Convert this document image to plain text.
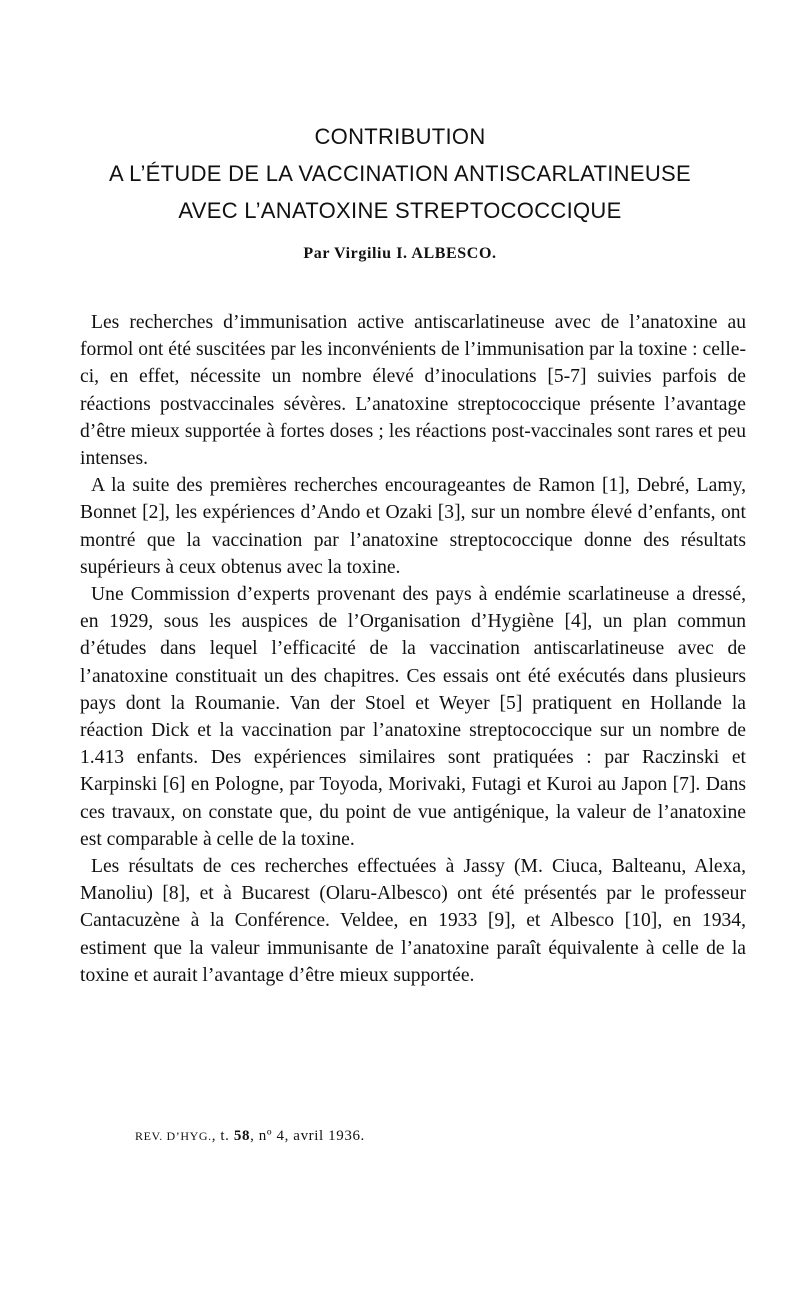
CONTRIBUTION
A L’ÉTUDE DE LA VACCINATION ANTISCARLATINEUSE
AVEC L’ANATOXINE STREPTOCOCCIQUE
Par Virgiliu I. ALBESCO.

Les recherches d’immunisation active antiscarlatineuse avec de l’anatoxine au formol ont été suscitées par les inconvénients de l’immunisation par la toxine : celle-ci, en effet, nécessite un nombre élevé d’inoculations [5-7] suivies parfois de réactions postvaccinales sévères. L’anatoxine streptococcique présente l’avantage d’être mieux supportée à fortes doses ; les réactions post-vaccinales sont rares et peu intenses.

A la suite des premières recherches encourageantes de Ramon [1], Debré, Lamy, Bonnet [2], les expériences d’Ando et Ozaki [3], sur un nombre élevé d’enfants, ont montré que la vaccination par l’anatoxine streptococcique donne des résultats supérieurs à ceux obtenus avec la toxine.

Une Commission d’experts provenant des pays à endémie scarlatineuse a dressé, en 1929, sous les auspices de l’Organisation d’Hygiène [4], un plan commun d’études dans lequel l’efficacité de la vaccination antiscarlatineuse avec de l’anatoxine constituait un des chapitres. Ces essais ont été exécutés dans plusieurs pays dont la Roumanie. Van der Stoel et Weyer [5] pratiquent en Hollande la réaction Dick et la vaccination par l’anatoxine streptococcique sur un nombre de 1.413 enfants. Des expériences similaires sont pratiquées : par Raczinski et Karpinski [6] en Pologne, par Toyoda, Morivaki, Futagi et Kuroi au Japon [7]. Dans ces travaux, on constate que, du point de vue antigénique, la valeur de l’anatoxine est comparable à celle de la toxine.

Les résultats de ces recherches effectuées à Jassy (M. Ciuca, Balteanu, Alexa, Manoliu) [8], et à Bucarest (Olaru-Albesco) ont été présentés par le professeur Cantacuzène à la Conférence. Veldee, en 1933 [9], et Albesco [10], en 1934, estiment que la valeur immunisante de l’anatoxine paraît équivalente à celle de la toxine et aurait l’avantage d’être mieux supportée.

REV. D’HYG., t. 58, nº 4, avril 1936.
